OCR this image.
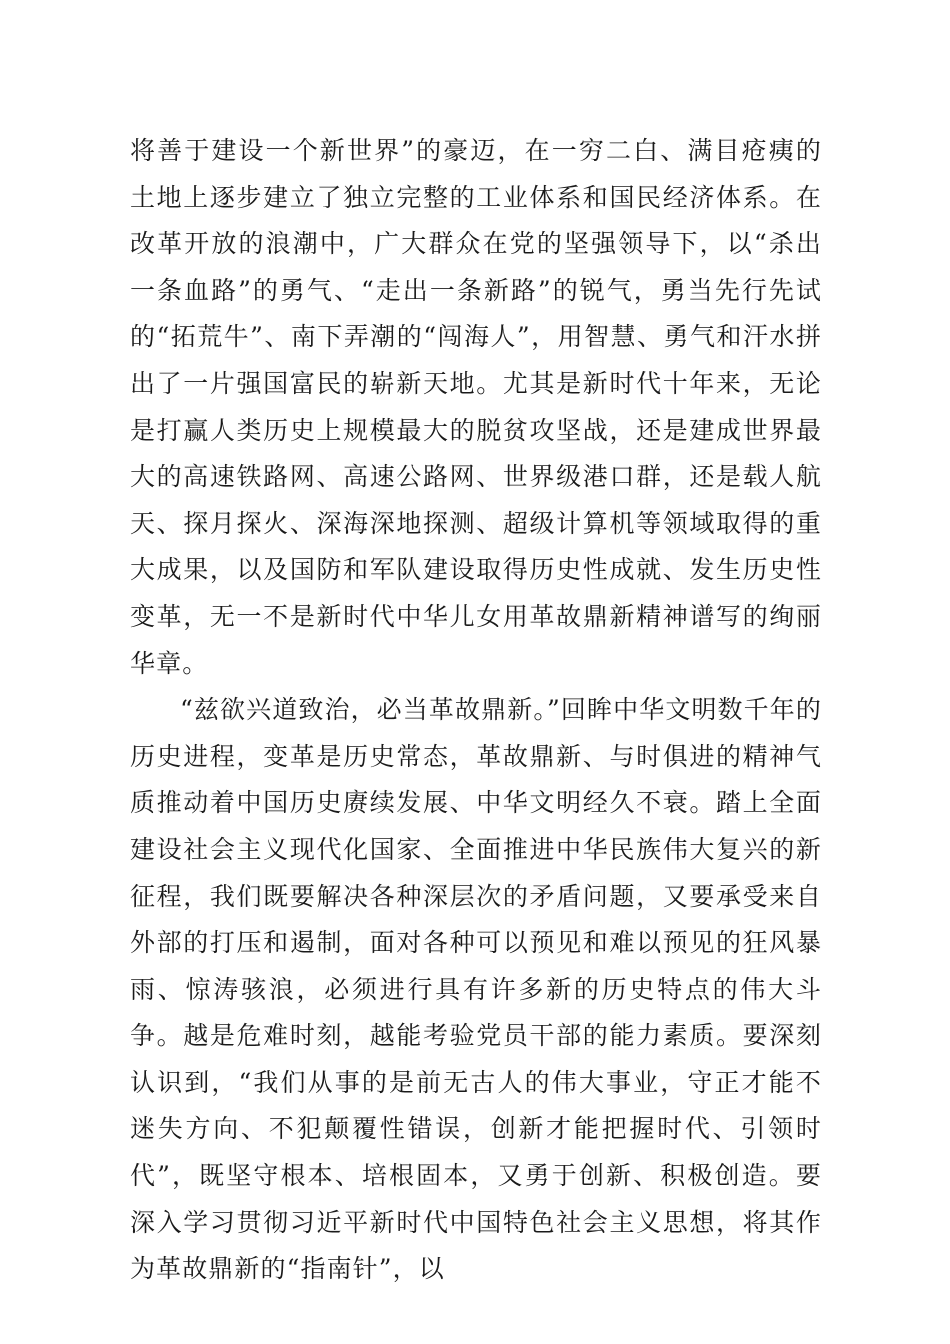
将善于建设一个新世界”的豪迈，在一穷二白、满目疮痍的土地上逐步建立了独立完整的工业体系和国民经济体系。在改革开放的浪潮中，广大群众在党的坚强领导下，以“杀出一条血路”的勇气、“走出一条新路”的锐气，勇当先行先试的“拓荒牛”、南下弄潮的“闯海人”，用智慧、勇气和汗水拼出了一片强国富民的崭新天地。尤其是新时代十年来，无论是打赢人类历史上规模最大的脱贫攻坚战，还是建成世界最大的高速铁路网、高速公路网、世界级港口群，还是载人航天、探月探火、深海深地探测、超级计算机等领域取得的重大成果，以及国防和军队建设取得历史性成就、发生历史性变革，无一不是新时代中华儿女用革故鼎新精神谱写的绚丽华章。

“兹欲兴道致治，必当革故鼎新。”回眸中华文明数千年的历史进程，变革是历史常态，革故鼎新、与时俱进的精神气质推动着中国历史赓续发展、中华文明经久不衰。踏上全面建设社会主义现代化国家、全面推进中华民族伟大复兴的新征程，我们既要解决各种深层次的矛盾问题，又要承受来自外部的打压和遏制，面对各种可以预见和难以预见的狂风暴雨、惊涛骇浪，必须进行具有许多新的历史特点的伟大斗争。越是危难时刻，越能考验党员干部的能力素质。要深刻认识到，“我们从事的是前无古人的伟大事业，守正才能不迷失方向、不犯颠覆性错误，创新才能把握时代、引领时代”，既坚守根本、培根固本，又勇于创新、积极创造。要深入学习贯彻习近平新时代中国特色社会主义思想，将其作为革故鼎新的“指南针”，以
